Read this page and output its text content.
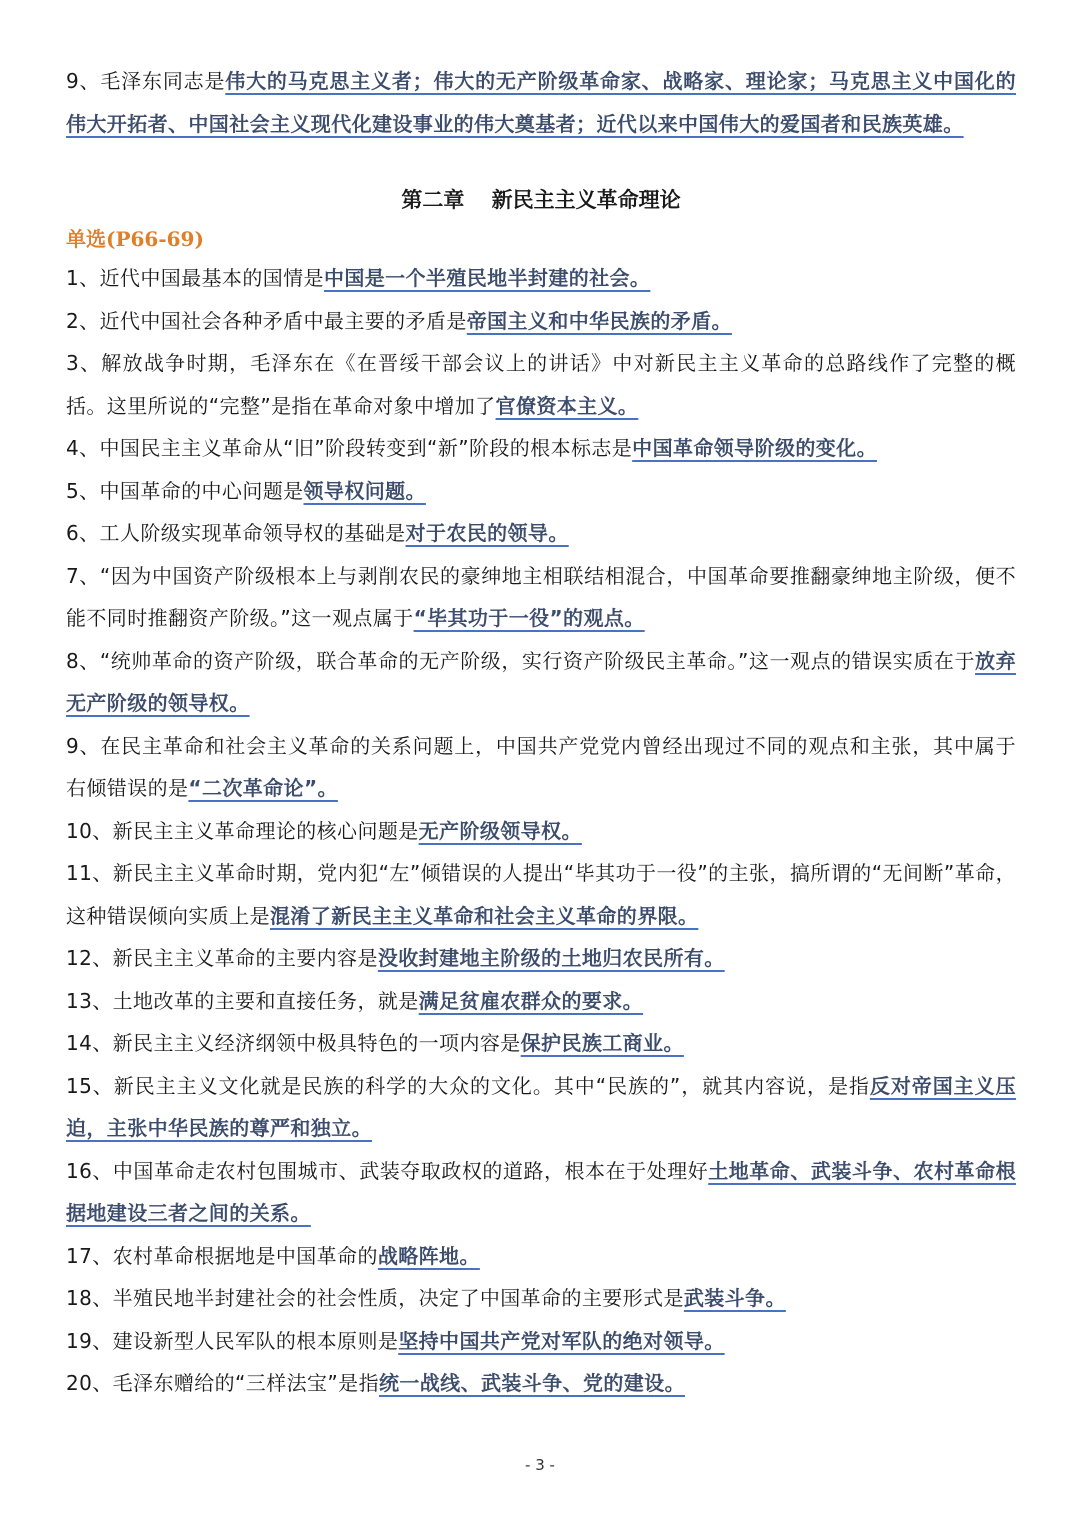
9、毛泽东同志是伟大的马克思主义者；伟大的无产阶级革命家、战略家、理论家；马克思主义中国化的伟大开拓者、中国社会主义现代化建设事业的伟大奠基者；近代以来中国伟大的爱国者和民族英雄。

第二章 新民主主义革命理论

单选(P66-69)

1、近代中国最基本的国情是中国是一个半殖民地半封建的社会。

2、近代中国社会各种矛盾中最主要的矛盾是帝国主义和中华民族的矛盾。

3、解放战争时期，毛泽东在《在晋绥干部会议上的讲话》中对新民主主义革命的总路线作了完整的概括。这里所说的“完整”是指在革命对象中增加了官僚资本主义。

4、中国民主主义革命从“旧”阶段转变到“新”阶段的根本标志是中国革命领导阶级的变化。

5、中国革命的中心问题是领导权问题。

6、工人阶级实现革命领导权的基础是对于农民的领导。

7、“因为中国资产阶级根本上与剥削农民的豪绅地主相联结相混合，中国革命要推翻豪绅地主阶级，便不能不同时推翻资产阶级。”这一观点属于“毕其功于一役”的观点。

8、“统帅革命的资产阶级，联合革命的无产阶级，实行资产阶级民主革命。”这一观点的错误实质在于放弃无产阶级的领导权。

9、在民主革命和社会主义革命的关系问题上，中国共产党党内曾经出现过不同的观点和主张，其中属于右倾错误的是“二次革命论”。

10、新民主主义革命理论的核心问题是无产阶级领导权。

11、新民主主义革命时期，党内犯“左”倾错误的人提出“毕其功于一役”的主张，搞所谓的“无间断”革命，这种错误倾向实质上是混淆了新民主主义革命和社会主义革命的界限。

12、新民主主义革命的主要内容是没收封建地主阶级的土地归农民所有。

13、土地改革的主要和直接任务，就是满足贫雇农群众的要求。

14、新民主主义经济纲领中极具特色的一项内容是保护民族工商业。

15、新民主主义文化就是民族的科学的大众的文化。其中“民族的”，就其内容说，是指反对帝国主义压迫，主张中华民族的尊严和独立。

16、中国革命走农村包围城市、武装夺取政权的道路，根本在于处理好土地革命、武装斗争、农村革命根据地建设三者之间的关系。

17、农村革命根据地是中国革命的战略阵地。

18、半殖民地半封建社会的社会性质，决定了中国革命的主要形式是武装斗争。

19、建设新型人民军队的根本原则是坚持中国共产党对军队的绝对领导。

20、毛泽东赠给的“三样法宝”是指统一战线、武装斗争、党的建设。

- 3 -
